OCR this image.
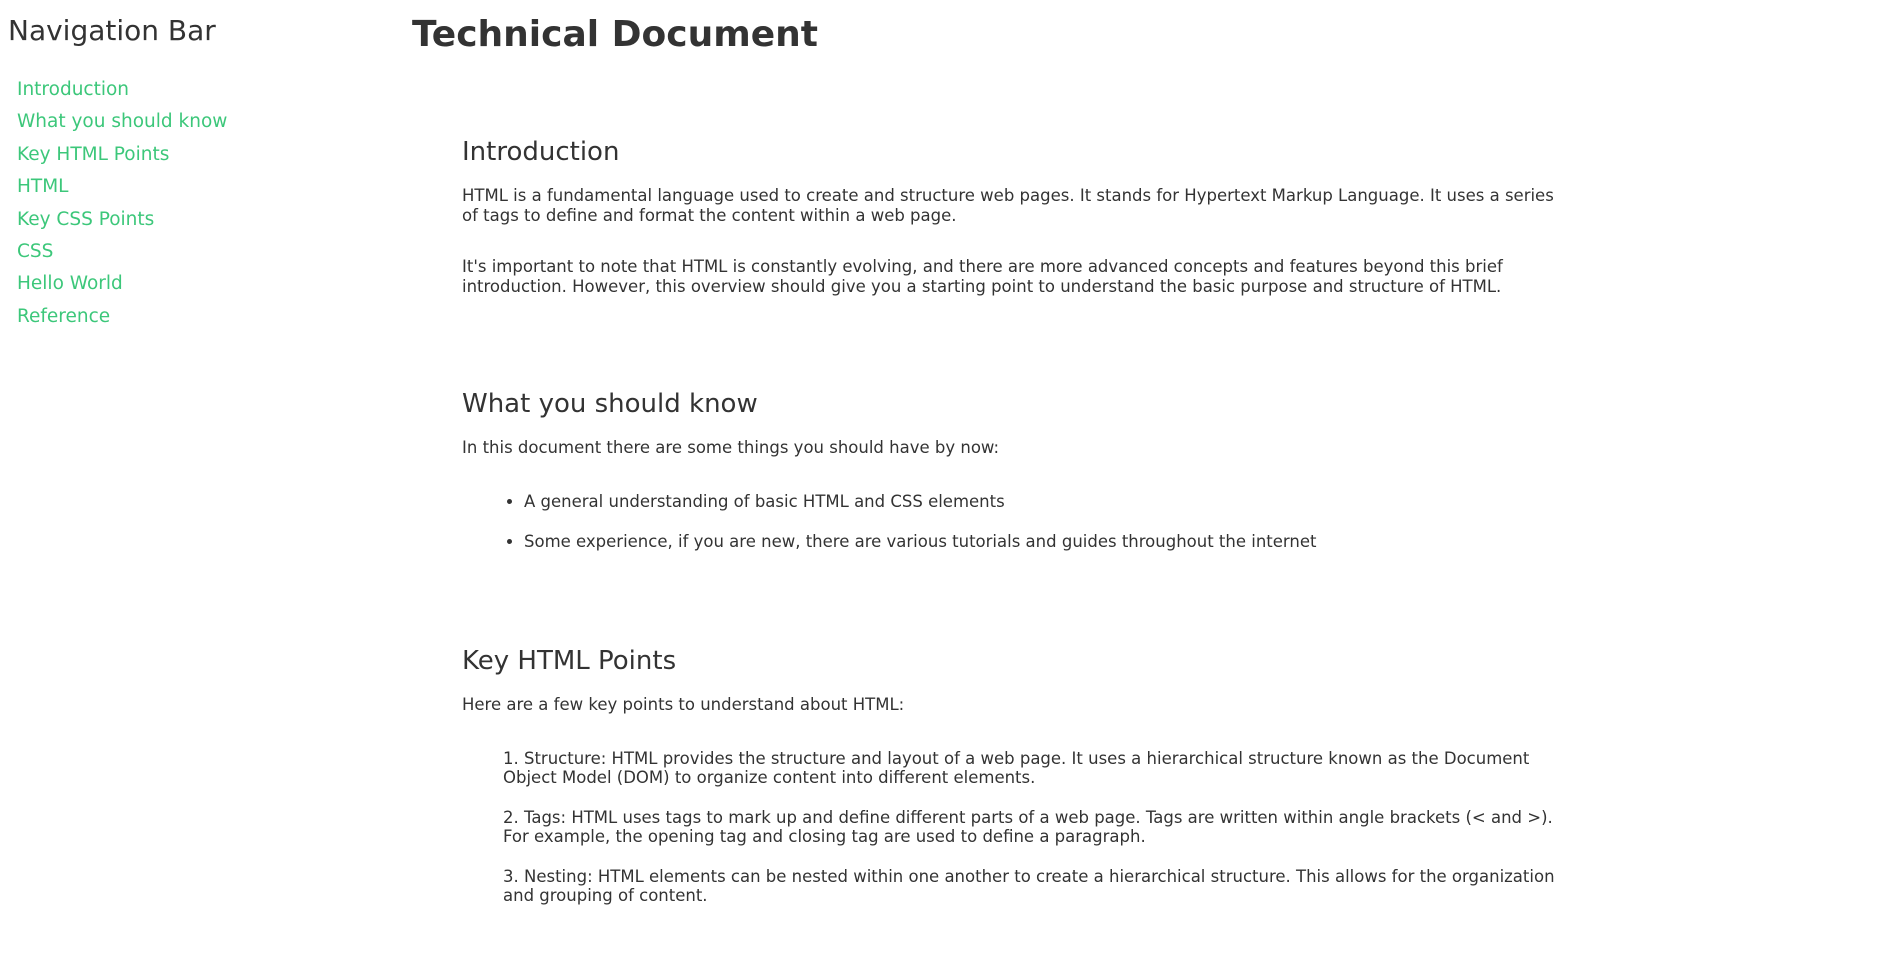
Navigation Bar
Introduction
What you should know
Key HTML Points
HTML
Key CSS Points
CSS
Hello World
Reference
Technical Document
Introduction

HTML is a fundamental language used to create and structure web pages. It stands for Hypertext Markup Language. It uses a series of tags to define and format the content within a web page.

It's important to note that HTML is constantly evolving, and there are more advanced concepts and features beyond this brief introduction. However, this overview should give you a starting point to understand the basic purpose and structure of HTML.

What you should know

In this document there are some things you should have by now:

• A general understanding of basic HTML and CSS elements
• Some experience, if you are new, there are various tutorials and guides throughout the internet
Key HTML Points

Here are a few key points to understand about HTML:

1. Structure: HTML provides the structure and layout of a web page. It uses a hierarchical structure known as the Document Object Model (DOM) to organize content into different elements.
2. Tags: HTML uses tags to mark up and define different parts of a web page. Tags are written within angle brackets (< and >). For example, the opening tag and closing tag are used to define a paragraph.
3. Nesting: HTML elements can be nested within one another to create a hierarchical structure. This allows for the organization and grouping of content.
